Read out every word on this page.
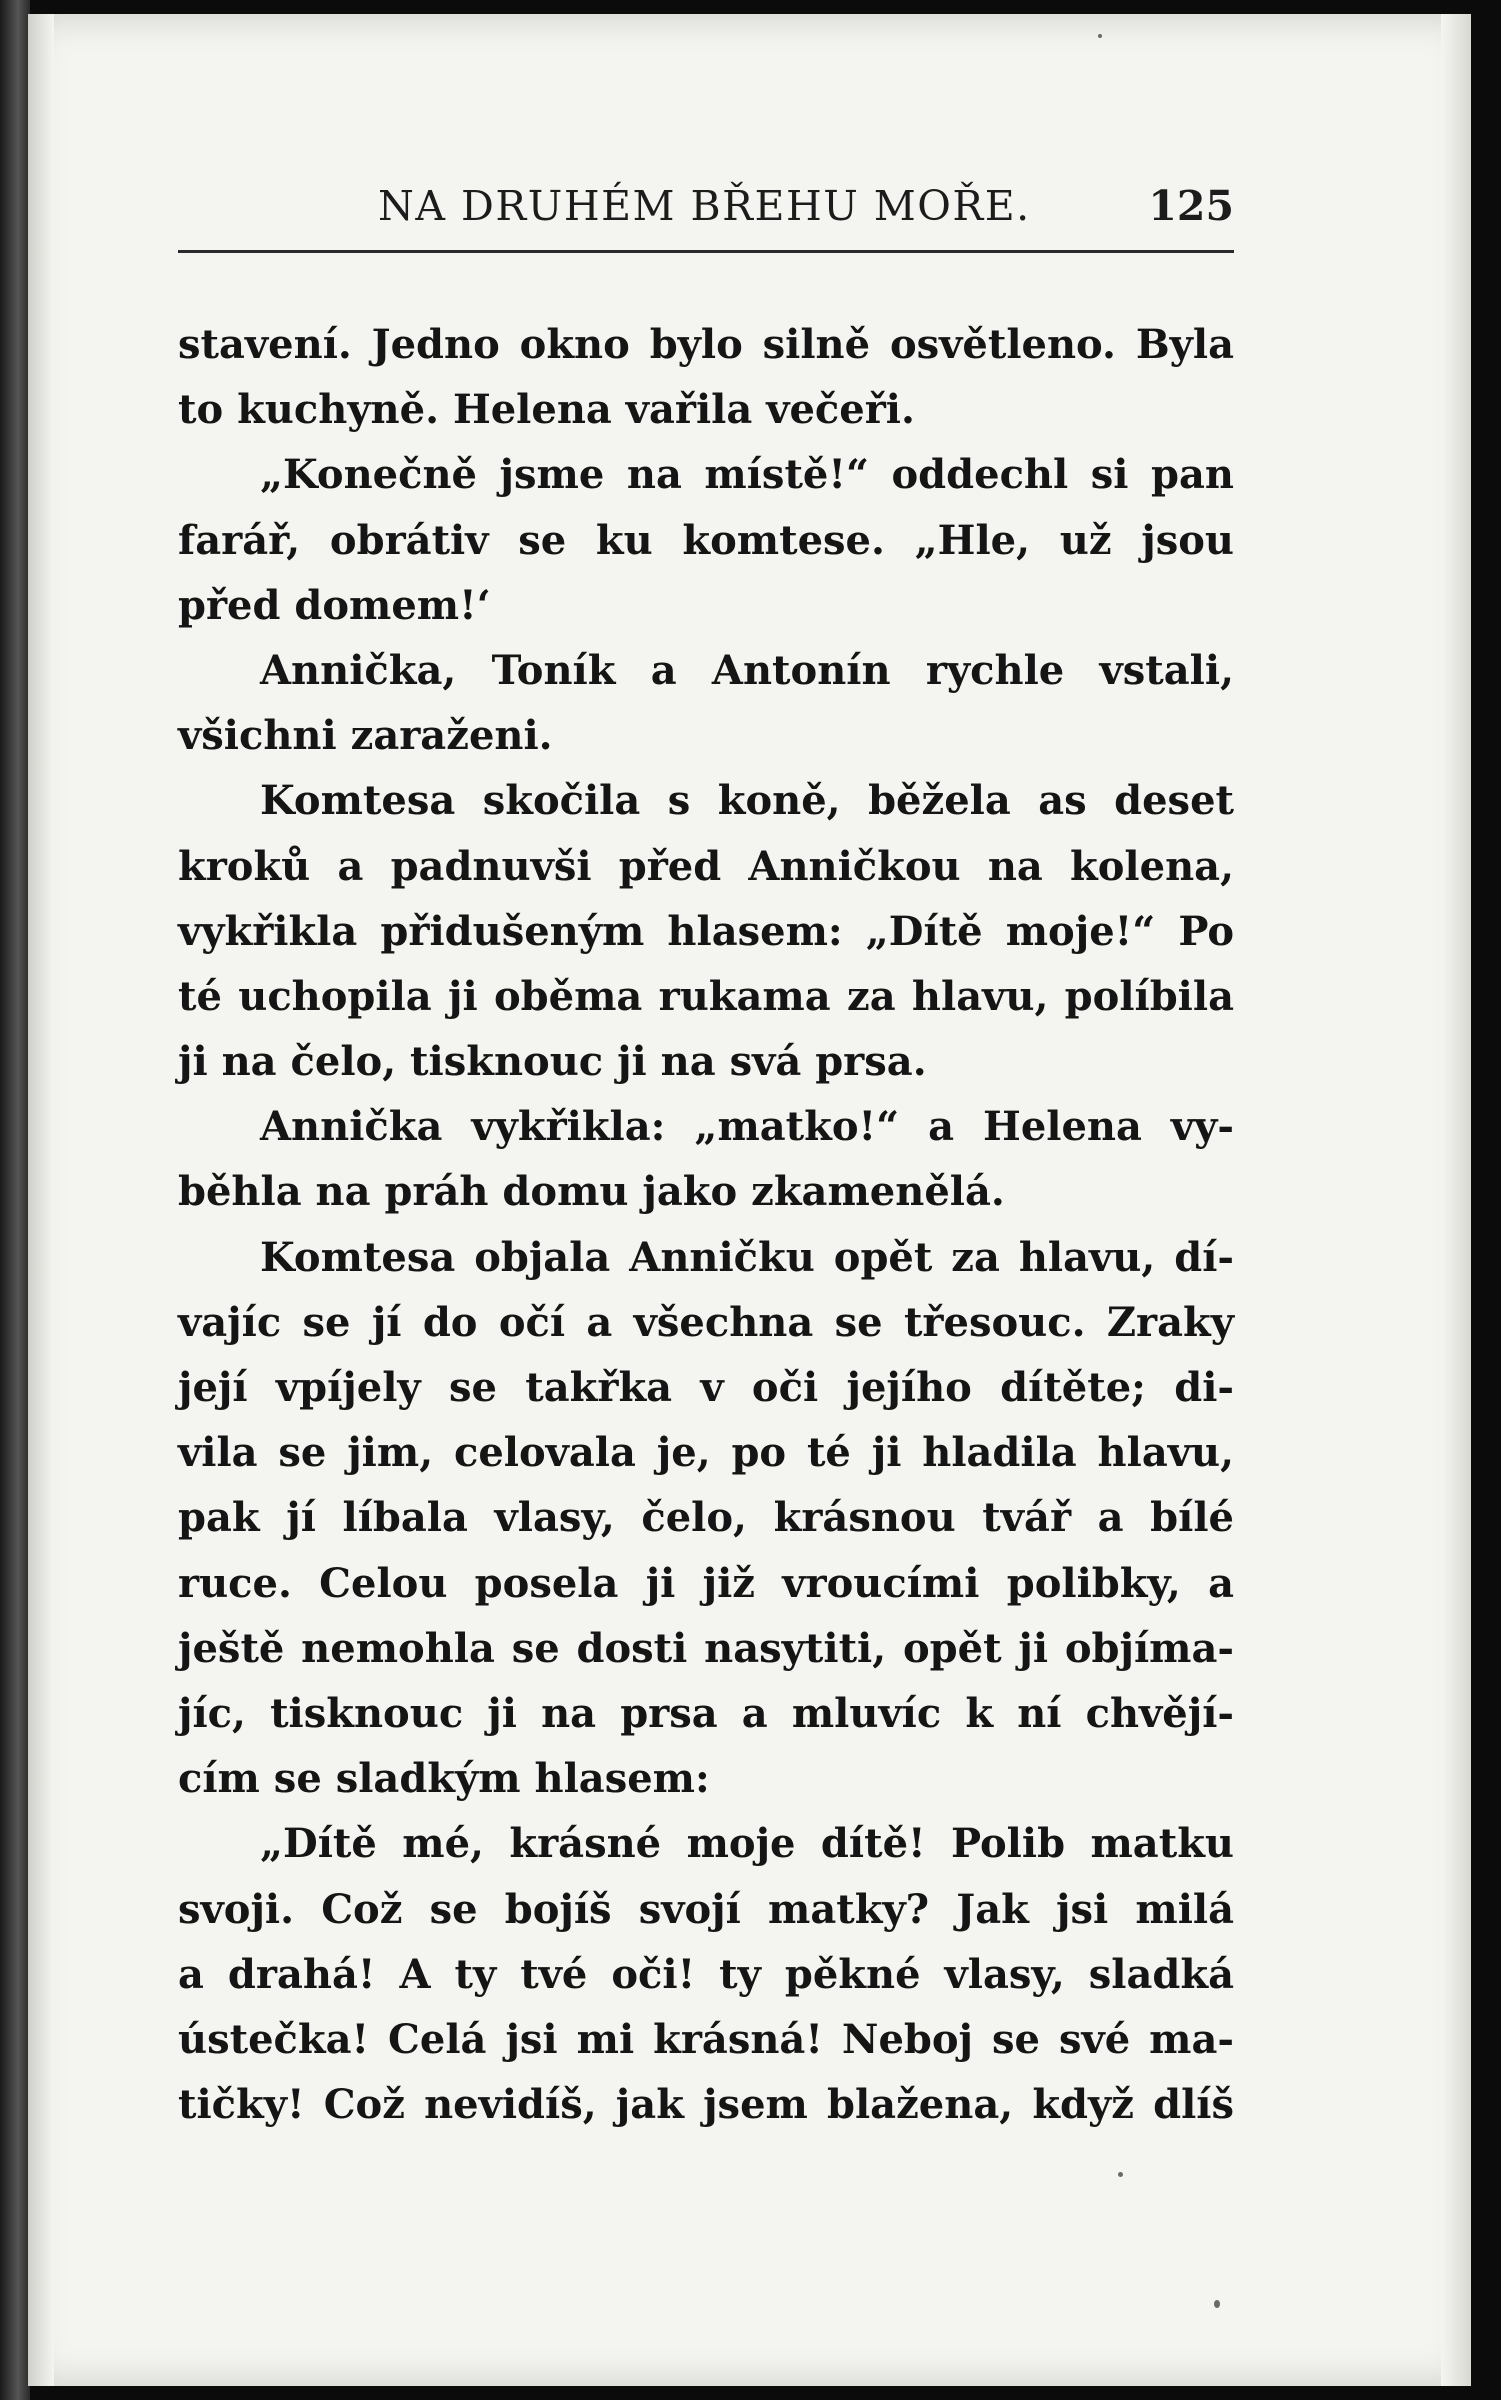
NA DRUHÉM BŘEHU MOŘE.	125
stavení. Jedno okno bylo silně osvětleno. Byla
to kuchyně. Helena vařila večeři.
„Konečně jsme na místě!“ oddechl si pan
farář, obrátiv se ku komtese. „Hle, už jsou
před domem!‘
Annička, Toník a Antonín rychle vstali,
všichni zaraženi.
Komtesa skočila s koně, běžela as deset
kroků a padnuvši před Anničkou na kolena,
vykřikla přidušeným hlasem: „Dítě moje!“ Po
té uchopila ji oběma rukama za hlavu, políbila
ji na čelo, tisknouc ji na svá prsa.
Annička vykřikla: „matko!“ a Helena vy-
běhla na práh domu jako zkamenělá.
Komtesa objala Anničku opět za hlavu, dí-
vajíc se jí do očí a všechna se třesouc. Zraky
její vpíjely se takřka v oči jejího dítěte; di-
vila se jim, celovala je, po té ji hladila hlavu,
pak jí líbala vlasy, čelo, krásnou tvář a bílé
ruce. Celou posela ji již vroucími polibky, a
ještě nemohla se dosti nasytiti, opět ji objíma-
jíc, tisknouc ji na prsa a mluvíc k ní chvějí-
cím se sladkým hlasem:
„Dítě mé, krásné moje dítě! Polib matku
svoji. Což se bojíš svojí matky? Jak jsi milá
a drahá! A ty tvé oči! ty pěkné vlasy, sladká
ústečka! Celá jsi mi krásná! Neboj se své ma-
tičky! Což nevidíš, jak jsem blažena, když dlíš
